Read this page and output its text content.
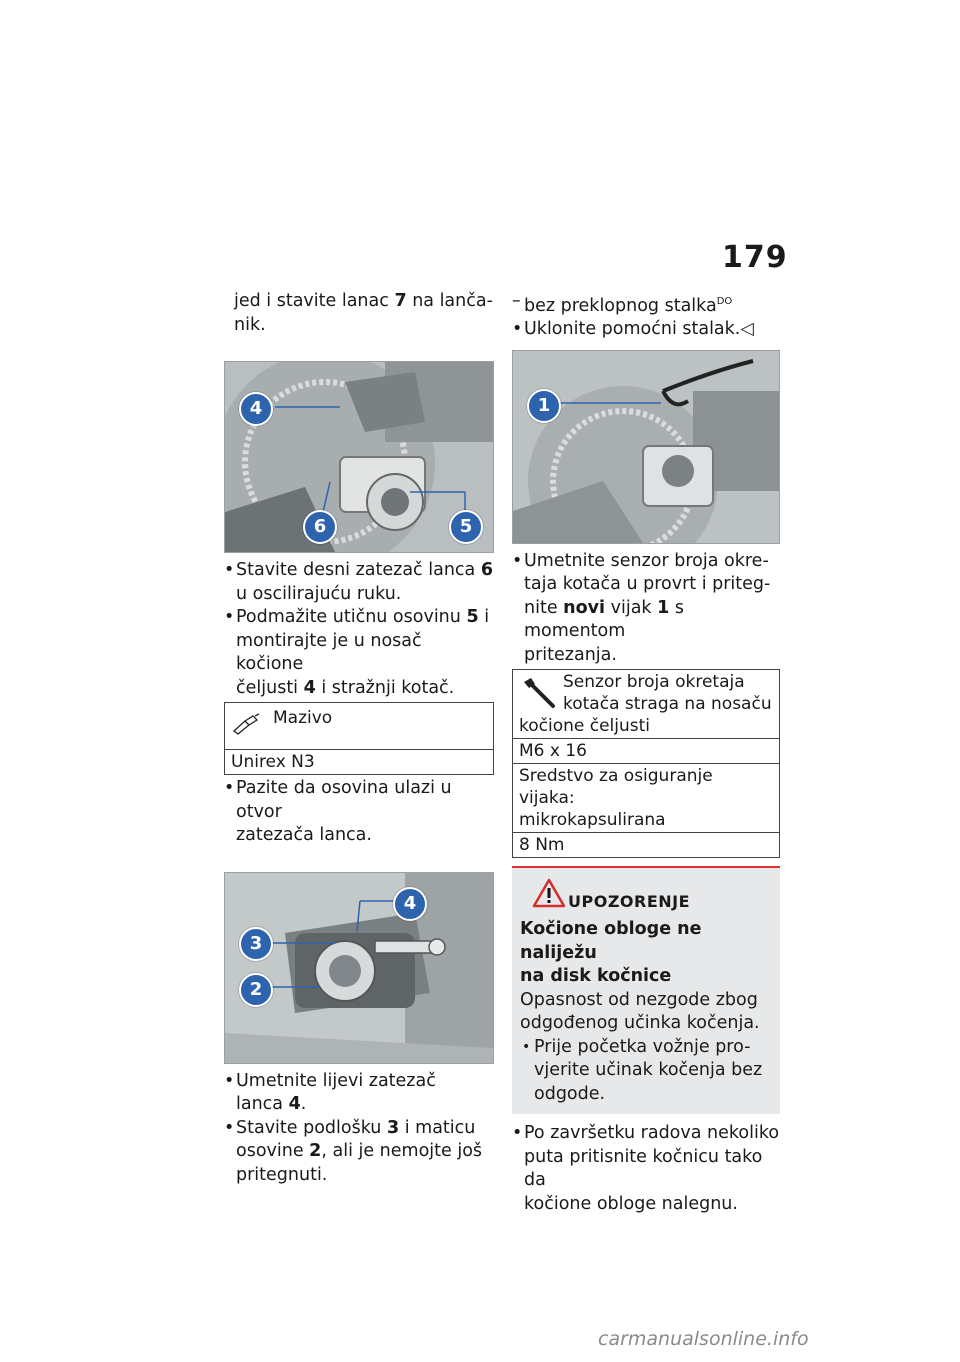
179

jed i stavite lanac 7 na lanča-
nik.

4
6	5

• Stavite desni zatezač lanca 6
u oscilirajuću ruku.

• Podmažite utičnu osovinu 5 i
montirajte je u nosač kočione
čeljusti 4 i stražnji kotač.

Mazivo

Unirex N3

• Pazite da osovina ulazi u otvor
zatezača lanca.

4
3
2

• Umetnite lijevi zatezač
lanca 4.

• Stavite podlošku 3 i maticu
osovine 2, ali je nemojte još
pritegnuti.

– bez preklopnog stalka$^{DO}$

• Uklonite pomoćni stalak.◁

1

• Umetnite senzor broja okre-
taja kotača u provrt i priteg-
nite novi vijak 1 s momentom
pritezanja.

Senzor broja okretaja
kotača straga na nosaču
kočione čeljusti

M6 x 16

Sredstvo za osiguranje vijaka:
mikrokapsulirana

8 Nm
UPOZORENJE

Kočione obloge ne naliježu
na disk kočnice

Opasnost od nezgode zbog
odgođenog učinka kočenja.

• Prije početka vožnje pro-
vjerite učinak kočenja bez
odgode.

• Po završetku radova nekoliko
puta pritisnite kočnicu tako da
kočione obloge nalegnu.

carmanualsonline.info
